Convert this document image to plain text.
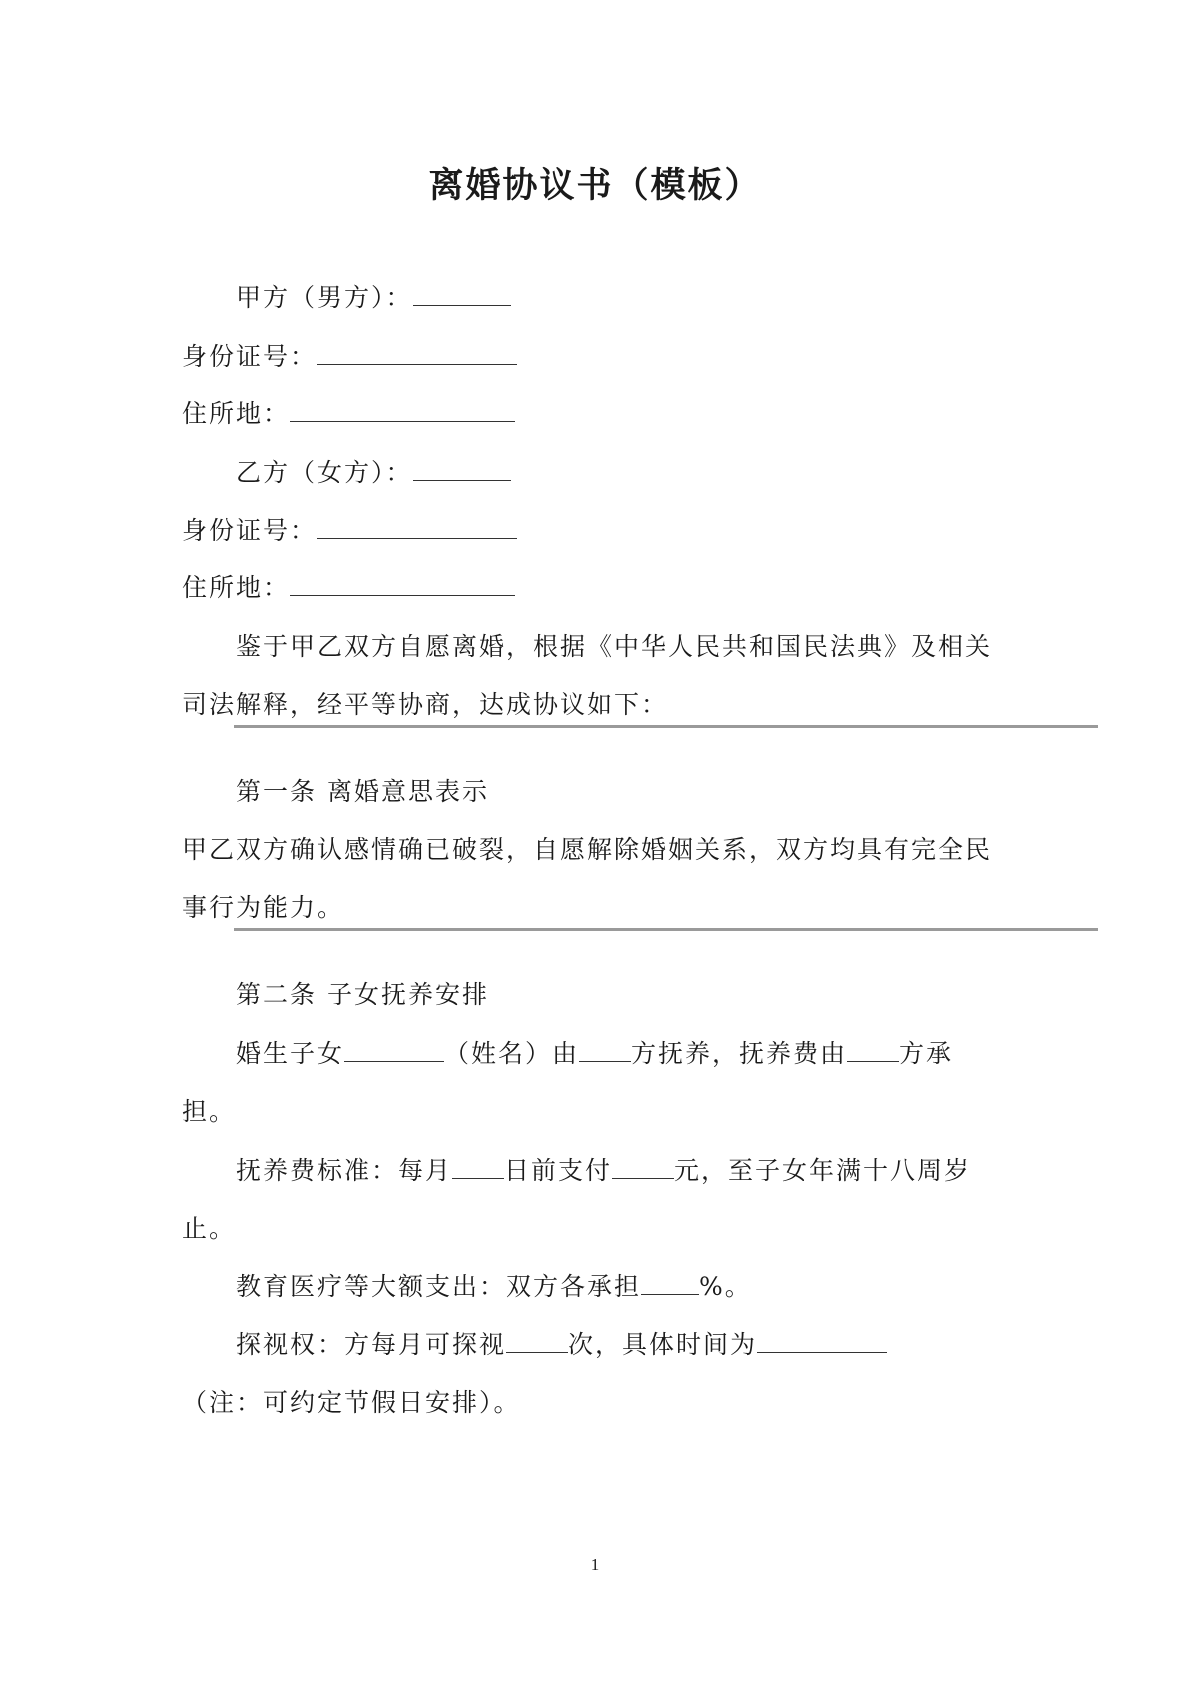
离婚协议书（模板）
甲方（男方）：
身份证号：
住所地：
乙方（女方）：
身份证号：
住所地：
鉴于甲乙双方自愿离婚，根据《中华人民共和国民法典》及相关
司法解释，经平等协商，达成协议如下：
第一条 离婚意思表示
甲乙双方确认感情确已破裂，自愿解除婚姻关系，双方均具有完全民
事行为能力。
第二条 子女抚养安排
婚生子女	（姓名）由 方抚养，抚养费由 方承
担。
抚养费标准：每月 日前支付 元，至子女年满十八周岁
止。
教育医疗等大额支出：双方各承担 %。
探视权：方每月可探视 次，具体时间为
（注：可约定节假日安排）。
1
